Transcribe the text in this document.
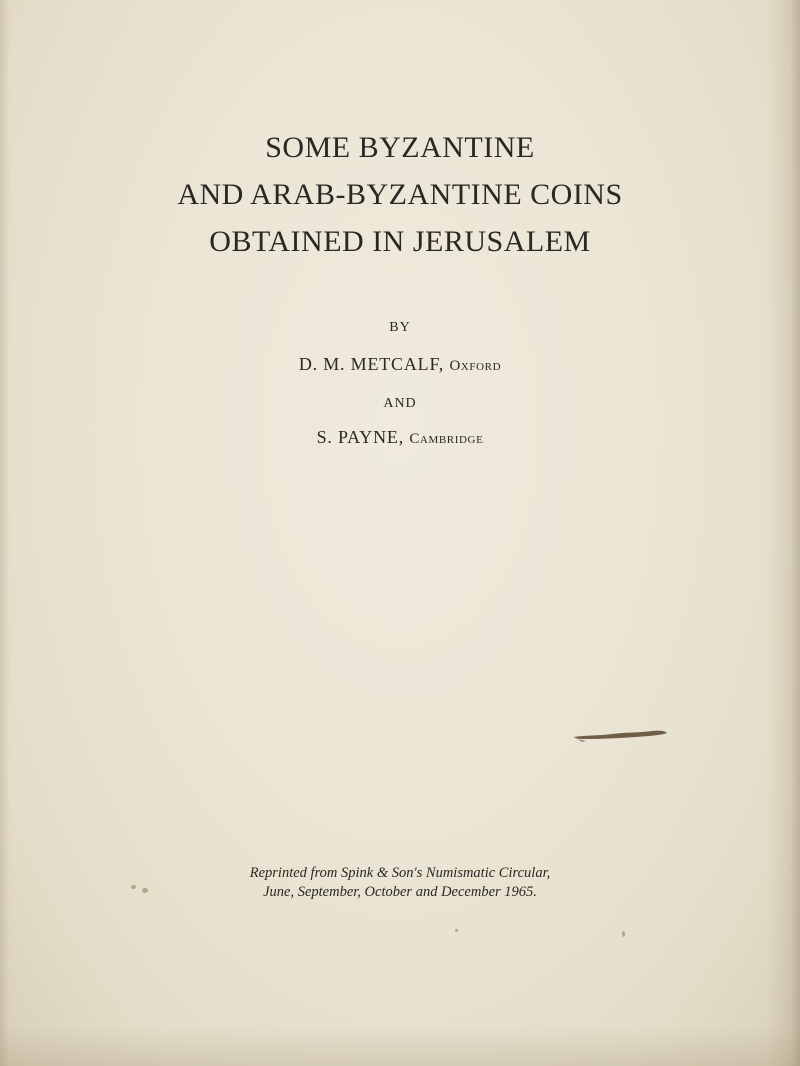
SOME BYZANTINE
AND ARAB-BYZANTINE COINS
OBTAINED IN JERUSALEM
BY
D. M. METCALF, Oxford
AND
S. PAYNE, Cambridge
Reprinted from Spink & Son's Numismatic Circular,
June, September, October and December 1965.
